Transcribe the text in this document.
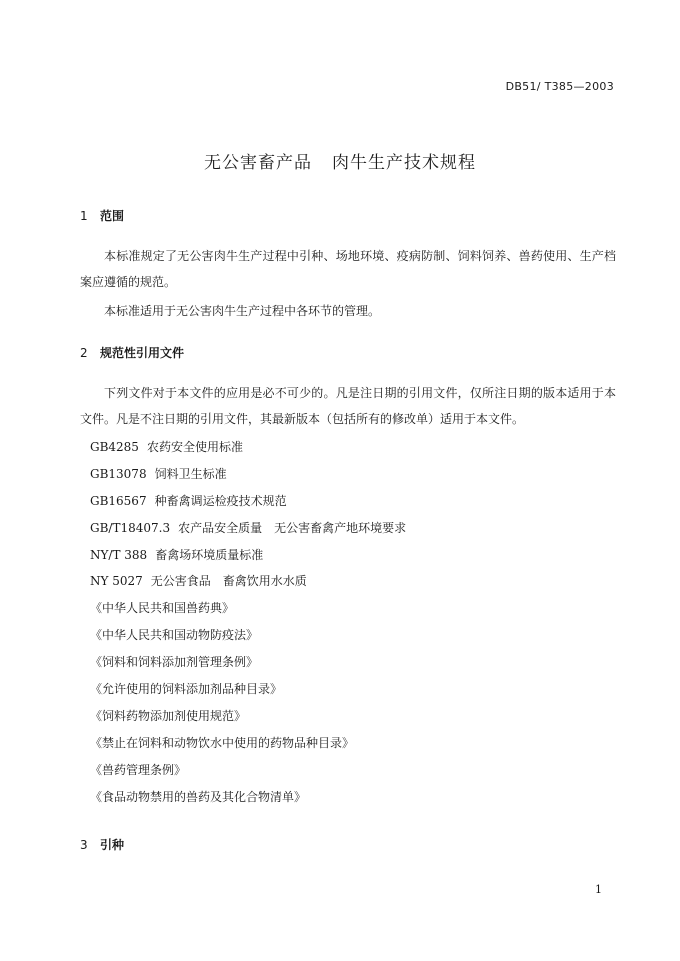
DB51/ T385—2003
无公害畜产品 肉牛生产技术规程
1 范围
本标准规定了无公害肉牛生产过程中引种、场地环境、疫病防制、饲料饲养、兽药使用、生产档案应遵循的规范。
本标准适用于无公害肉牛生产过程中各环节的管理。
2 规范性引用文件
下列文件对于本文件的应用是必不可少的。凡是注日期的引用文件，仅所注日期的版本适用于本文件。凡是不注日期的引用文件，其最新版本（包括所有的修改单）适用于本文件。
GB4285 农药安全使用标准
GB13078 饲料卫生标准
GB16567 种畜禽调运检疫技术规范
GB/T18407.3 农产品安全质量　无公害畜禽产地环境要求
NY/T 388 畜禽场环境质量标准
NY 5027 无公害食品　畜禽饮用水水质
《中华人民共和国兽药典》
《中华人民共和国动物防疫法》
《饲料和饲料添加剂管理条例》
《允许使用的饲料添加剂品种目录》
《饲料药物添加剂使用规范》
《禁止在饲料和动物饮水中使用的药物品种目录》
《兽药管理条例》
《食品动物禁用的兽药及其化合物清单》
3 引种
1
